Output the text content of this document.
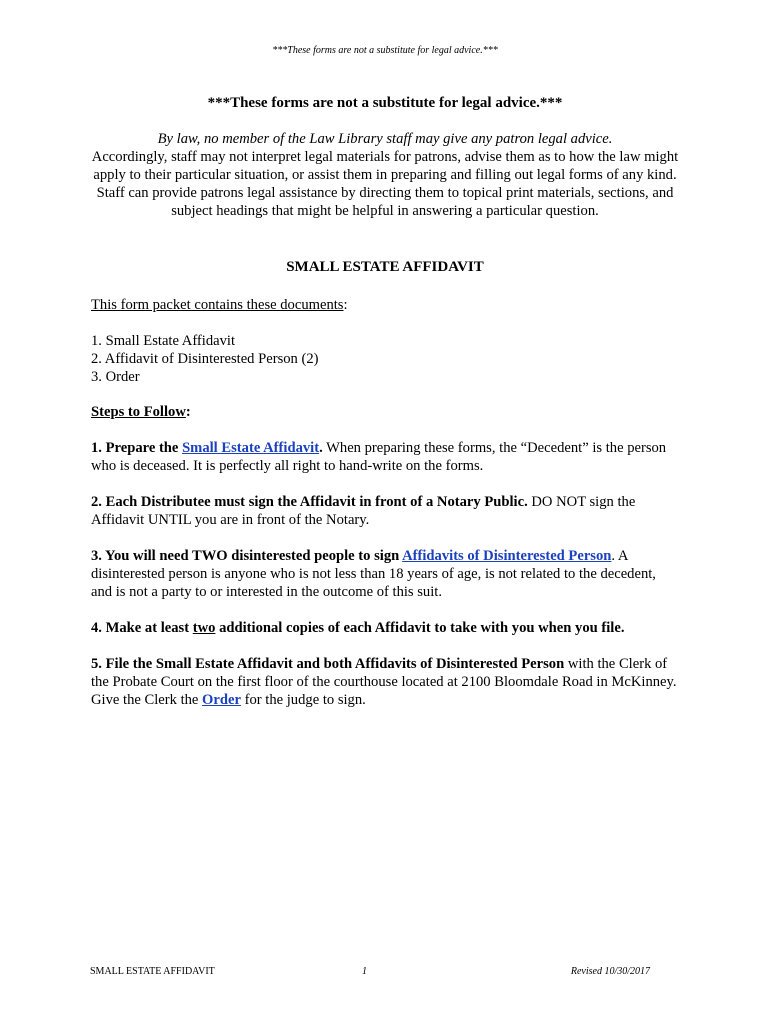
***These forms are not a substitute for legal advice.***

***These forms are not a substitute for legal advice.***

By law, no member of the Law Library staff may give any patron legal advice.
Accordingly, staff may not interpret legal materials for patrons, advise them as to how the law might apply to their particular situation, or assist them in preparing and filling out legal forms of any kind. Staff can provide patrons legal assistance by directing them to topical print materials, sections, and subject headings that might be helpful in answering a particular question.

SMALL ESTATE AFFIDAVIT

This form packet contains these documents:

1. Small Estate Affidavit
2. Affidavit of Disinterested Person (2)
3. Order

Steps to Follow:

1. Prepare the Small Estate Affidavit. When preparing these forms, the “Decedent” is the person who is deceased. It is perfectly all right to hand-write on the forms.

2. Each Distributee must sign the Affidavit in front of a Notary Public. DO NOT sign the Affidavit UNTIL you are in front of the Notary.

3. You will need TWO disinterested people to sign Affidavits of Disinterested Person. A disinterested person is anyone who is not less than 18 years of age, is not related to the decedent, and is not a party to or interested in the outcome of this suit.

4. Make at least two additional copies of each Affidavit to take with you when you file.

5. File the Small Estate Affidavit and both Affidavits of Disinterested Person with the Clerk of the Probate Court on the first floor of the courthouse located at 2100 Bloomdale Road in McKinney. Give the Clerk the Order for the judge to sign.

SMALL ESTATE AFFIDAVIT	1	Revised 10/30/2017
